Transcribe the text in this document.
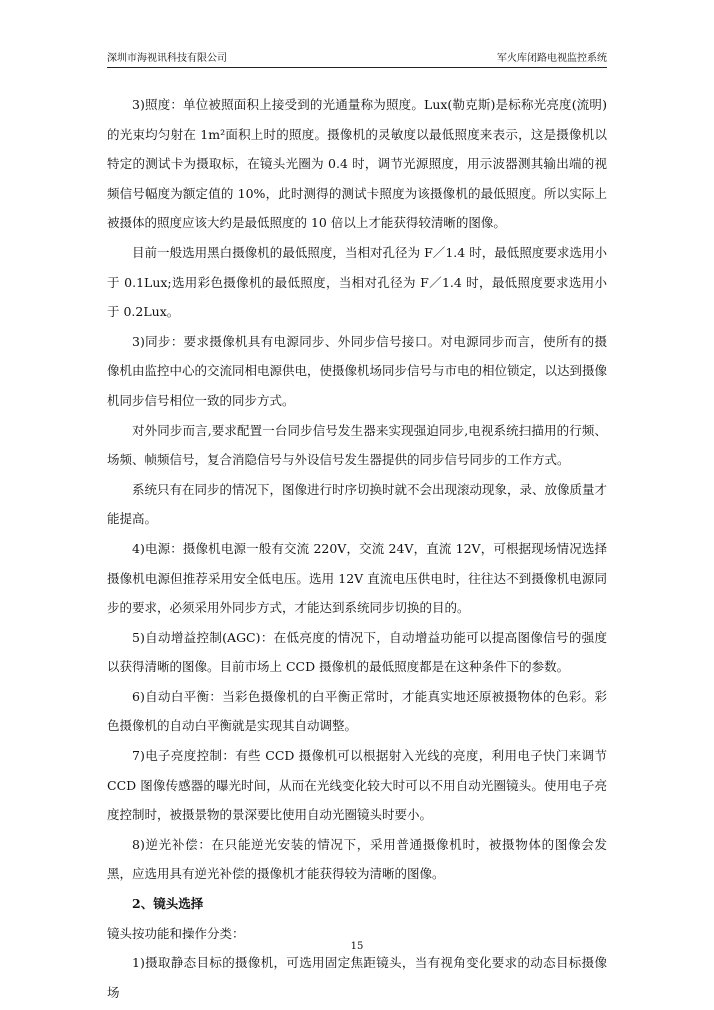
深圳市海视讯科技有限公司	军火库闭路电视监控系统

3)照度：单位被照面积上接受到的光通量称为照度。Lux(勒克斯)是标称光亮度(流明)的光束均匀射在 1m²面积上时的照度。摄像机的灵敏度以最低照度来表示，这是摄像机以特定的测试卡为摄取标，在镜头光圈为 0.4 时，调节光源照度，用示波器测其输出端的视频信号幅度为额定值的 10%，此时测得的测试卡照度为该摄像机的最低照度。所以实际上被摄体的照度应该大约是最低照度的 10 倍以上才能获得较清晰的图像。

目前一般选用黑白摄像机的最低照度，当相对孔径为 F／1.4 时，最低照度要求选用小于 0.1Lux;选用彩色摄像机的最低照度，当相对孔径为 F／1.4 时，最低照度要求选用小于 0.2Lux。

3)同步：要求摄像机具有电源同步、外同步信号接口。对电源同步而言，使所有的摄像机由监控中心的交流同相电源供电，使摄像机场同步信号与市电的相位锁定，以达到摄像机同步信号相位一致的同步方式。

对外同步而言,要求配置一台同步信号发生器来实现强迫同步,电视系统扫描用的行频、场频、帧频信号，复合消隐信号与外设信号发生器提供的同步信号同步的工作方式。

系统只有在同步的情况下，图像进行时序切换时就不会出现滚动现象，录、放像质量才能提高。

4)电源：摄像机电源一般有交流 220V，交流 24V，直流 12V，可根据现场情况选择摄像机电源但推荐采用安全低电压。选用 12V 直流电压供电时，往往达不到摄像机电源同步的要求，必须采用外同步方式，才能达到系统同步切换的目的。

5)自动增益控制(AGC)：在低亮度的情况下，自动增益功能可以提高图像信号的强度以获得清晰的图像。目前市场上 CCD 摄像机的最低照度都是在这种条件下的参数。

6)自动白平衡：当彩色摄像机的白平衡正常时，才能真实地还原被摄物体的色彩。彩色摄像机的自动白平衡就是实现其自动调整。

7)电子亮度控制：有些 CCD 摄像机可以根据射入光线的亮度，利用电子快门来调节 CCD 图像传感器的曝光时间，从而在光线变化较大时可以不用自动光圈镜头。使用电子亮度控制时，被摄景物的景深要比使用自动光圈镜头时要小。

8)逆光补偿：在只能逆光安装的情况下，采用普通摄像机时，被摄物体的图像会发黑，应选用具有逆光补偿的摄像机才能获得较为清晰的图像。

2、镜头选择

镜头按功能和操作分类：

1)摄取静态目标的摄像机，可选用固定焦距镜头，当有视角变化要求的动态目标摄像场

15
